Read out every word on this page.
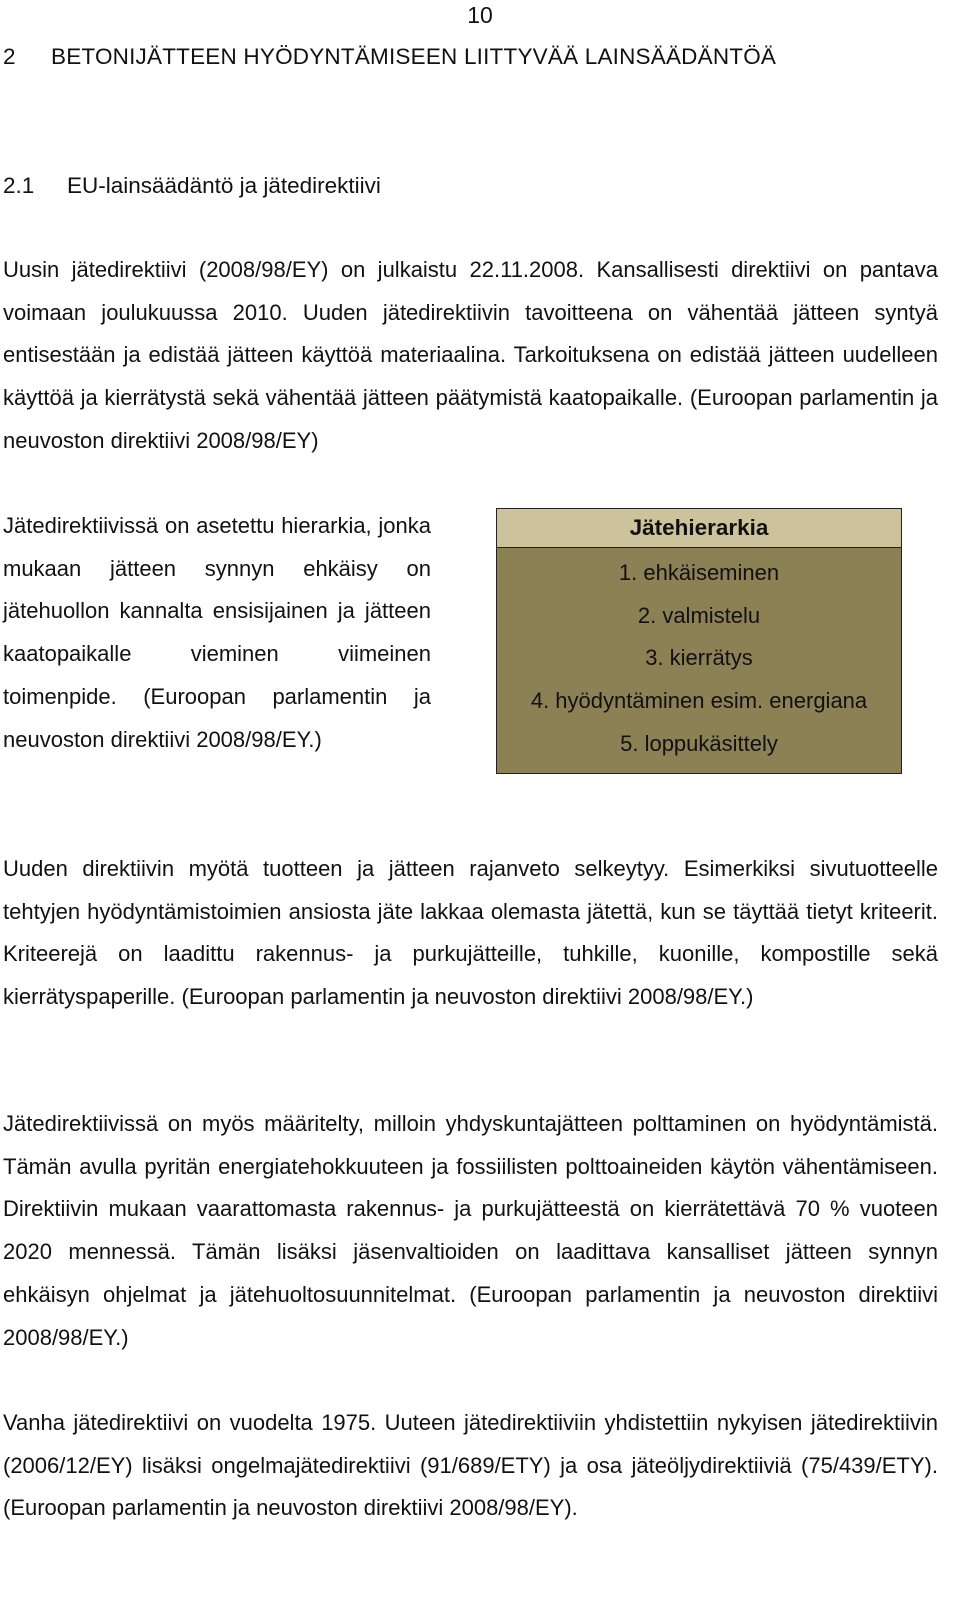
10
2 BETONIJÄTTEEN HYÖDYNTÄMISEEN LIITTYVÄÄ LAINSÄÄDÄNTÖÄ
2.1 EU-lainsäädäntö ja jätedirektiivi

Uusin jätedirektiivi (2008/98/EY) on julkaistu 22.11.2008. Kansallisesti direktiivi on pantava voimaan joulukuussa 2010. Uuden jätedirektiivin tavoitteena on vähentää jätteen syntyä entisestään ja edistää jätteen käyttöä materiaalina. Tarkoituksena on edistää jätteen uudelleen käyttöä ja kierrätystä sekä vähentää jätteen päätymistä kaatopaikalle. (Euroopan parlamentin ja neuvoston direktiivi 2008/98/EY)

Jätedirektiivissä on asetettu hierarkia, jonka mukaan jätteen synnyn ehkäisy on jätehuollon kannalta ensisijainen ja jätteen kaatopaikalle vieminen viimeinen toimenpide. (Euroopan parlamentin ja neuvoston direktiivi 2008/98/EY.)

Jätehierarkia
1. ehkäiseminen
2. valmistelu
3. kierrätys
4. hyödyntäminen esim. energiana
5. loppukäsittely

Uuden direktiivin myötä tuotteen ja jätteen rajanveto selkeytyy. Esimerkiksi sivutuotteelle tehtyjen hyödyntämistoimien ansiosta jäte lakkaa olemasta jätettä, kun se täyttää tietyt kriteerit. Kriteerejä on laadittu rakennus- ja purkujätteille, tuhkille, kuonille, kompostille sekä kierrätyspaperille. (Euroopan parlamentin ja neuvoston direktiivi 2008/98/EY.)

Jätedirektiivissä on myös määritelty, milloin yhdyskuntajätteen polttaminen on hyödyntämistä. Tämän avulla pyritän energiatehokkuuteen ja fossiilisten polttoaineiden käytön vähentämiseen. Direktiivin mukaan vaarattomasta rakennus- ja purkujätteestä on kierrätettävä 70 % vuoteen 2020 mennessä. Tämän lisäksi jäsenvaltioiden on laadittava kansalliset jätteen synnyn ehkäisyn ohjelmat ja jätehuoltosuunnitelmat. (Euroopan parlamentin ja neuvoston direktiivi 2008/98/EY.)

Vanha jätedirektiivi on vuodelta 1975. Uuteen jätedirektiiviin yhdistettiin nykyisen jätedirektiivin (2006/12/EY) lisäksi ongelmajätedirektiivi (91/689/ETY) ja osa jäteöljydirektiiviä (75/439/ETY). (Euroopan parlamentin ja neuvoston direktiivi 2008/98/EY).
